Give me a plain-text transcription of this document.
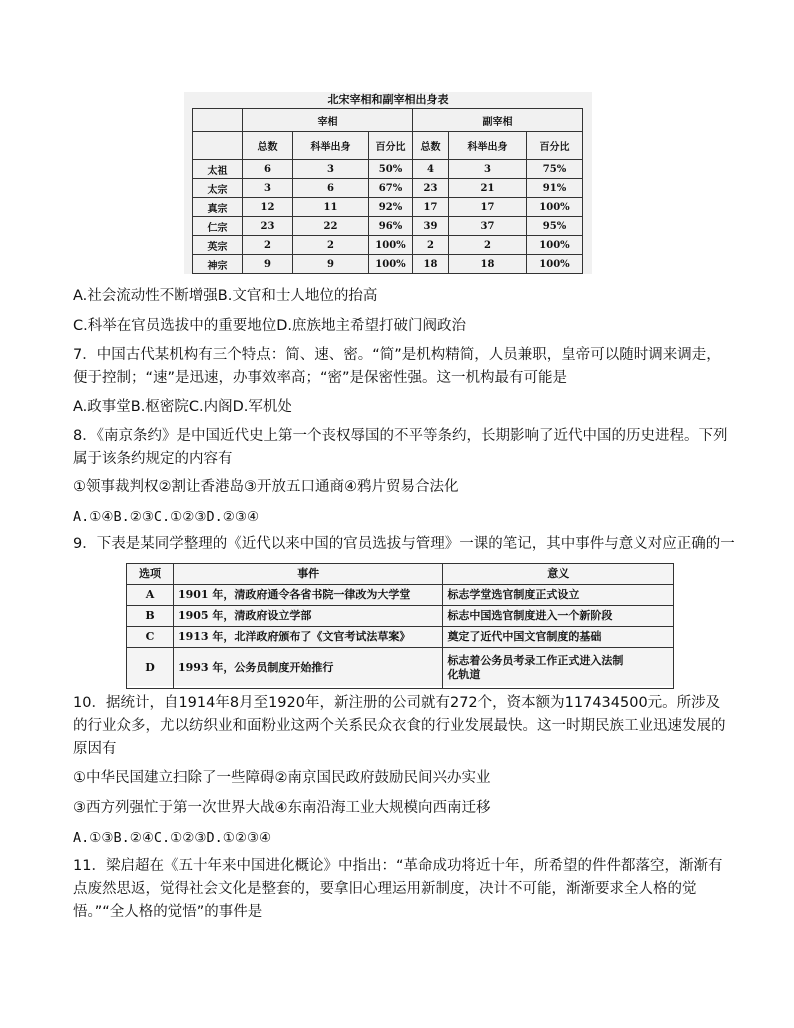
北宋宰相和副宰相出身表
	宰相			副宰相		
	总数	科举出身	百分比	总数	科举出身	百分比
太祖	6	3	50%	4	3	75%
太宗	3	6	67%	23	21	91%
真宗	12	11	92%	17	17	100%
仁宗	23	22	96%	39	37	95%
英宗	2	2	100%	2	2	100%
神宗	9	9	100%	18	18	100%
A.社会流动性不断增强B.文官和士人地位的抬高
C.科举在官员选拔中的重要地位D.庶族地主希望打破门阀政治
7．中国古代某机构有三个特点：简、速、密。“简”是机构精简，人员兼职，皇帝可以随时调来调走，便于控制；“速”是迅速，办事效率高；“密”是保密性强。这一机构最有可能是
A.政事堂B.枢密院C.内阁D.军机处
8．《南京条约》是中国近代史上第一个丧权辱国的不平等条约，长期影响了近代中国的历史进程。下列属于该条约规定的内容有
①领事裁判权②割让香港岛③开放五口通商④鸦片贸易合法化
A.①④B.②③C.①②③D.②③④
9．下表是某同学整理的《近代以来中国的官员选拔与管理》一课的笔记，其中事件与意义对应正确的一
选项	事件	意义
A	1901 年，清政府通令各省书院一律改为大学堂	标志学堂选官制度正式设立
B	1905 年，清政府设立学部	标志中国选官制度进入一个新阶段
C	1913 年，北洋政府颁布了《文官考试法草案》	奠定了近代中国文官制度的基础
D	1993 年，公务员制度开始推行	标志着公务员考录工作正式进入法制
化轨道
10．据统计，自1914年8月至1920年，新注册的公司就有272个，资本额为117434500元。所涉及的行业众多，尤以纺织业和面粉业这两个关系民众衣食的行业发展最快。这一时期民族工业迅速发展的原因有
①中华民国建立扫除了一些障碍②南京国民政府鼓励民间兴办实业
③西方列强忙于第一次世界大战④东南沿海工业大规模向西南迁移
A.①③B.②④C.①②③D.①②③④
11．梁启超在《五十年来中国进化概论》中指出：“革命成功将近十年，所希望的件件都落空，渐渐有
点废然思返，觉得社会文化是整套的，要拿旧心理运用新制度，决计不可能，渐渐要求全人格的觉
悟。”“全人格的觉悟”的事件是
